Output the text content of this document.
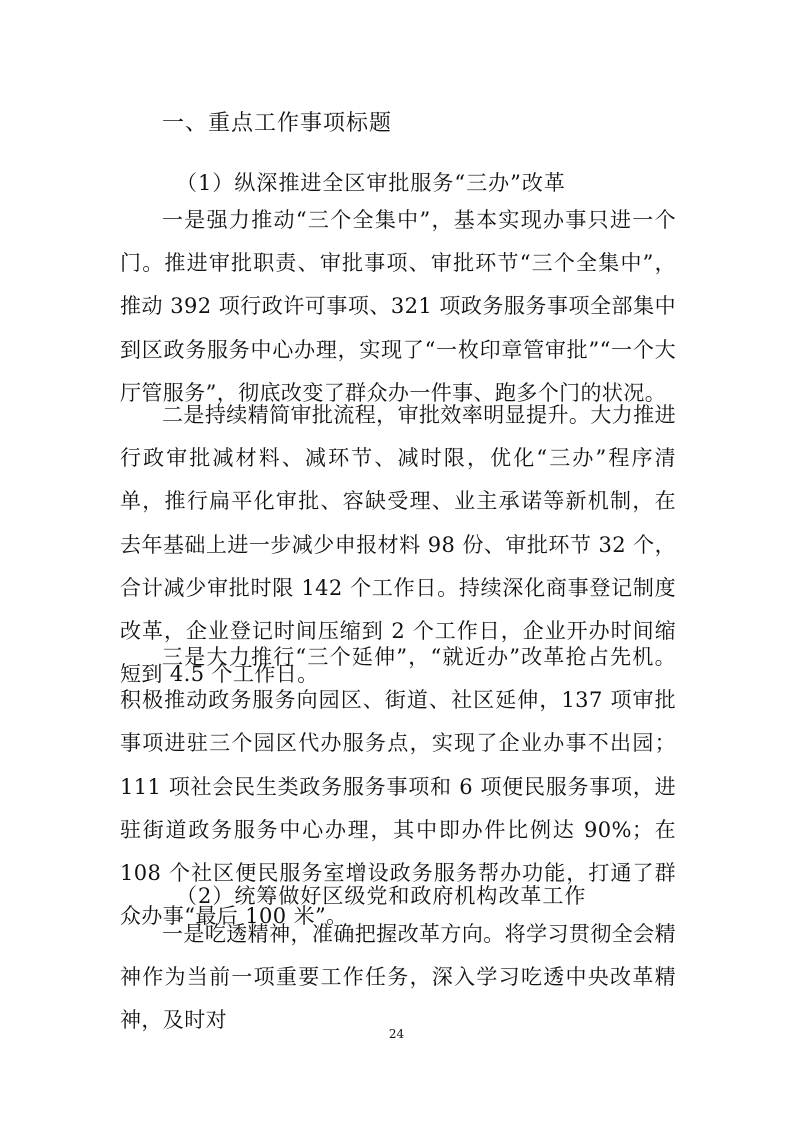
一、重点工作事项标题
（1）纵深推进全区审批服务“三办”改革
一是强力推动“三个全集中”，基本实现办事只进一个门。推进审批职责、审批事项、审批环节“三个全集中”，推动 392 项行政许可事项、321 项政务服务事项全部集中到区政务服务中心办理，实现了“一枚印章管审批”“一个大厅管服务”，彻底改变了群众办一件事、跑多个门的状况。
二是持续精简审批流程，审批效率明显提升。大力推进行政审批减材料、减环节、减时限，优化“三办”程序清单，推行扁平化审批、容缺受理、业主承诺等新机制，在去年基础上进一步减少申报材料 98 份、审批环节 32 个，合计减少审批时限 142 个工作日。持续深化商事登记制度改革，企业登记时间压缩到 2 个工作日，企业开办时间缩短到 4.5 个工作日。
三是大力推行“三个延伸”，“就近办”改革抢占先机。积极推动政务服务向园区、街道、社区延伸，137 项审批事项进驻三个园区代办服务点，实现了企业办事不出园；111 项社会民生类政务服务事项和 6 项便民服务事项，进驻街道政务服务中心办理，其中即办件比例达 90%；在 108 个社区便民服务室增设政务服务帮办功能，打通了群众办事“最后 100 米”。
（2）统筹做好区级党和政府机构改革工作
一是吃透精神，准确把握改革方向。将学习贯彻全会精神作为当前一项重要工作任务，深入学习吃透中央改革精神，及时对
24
